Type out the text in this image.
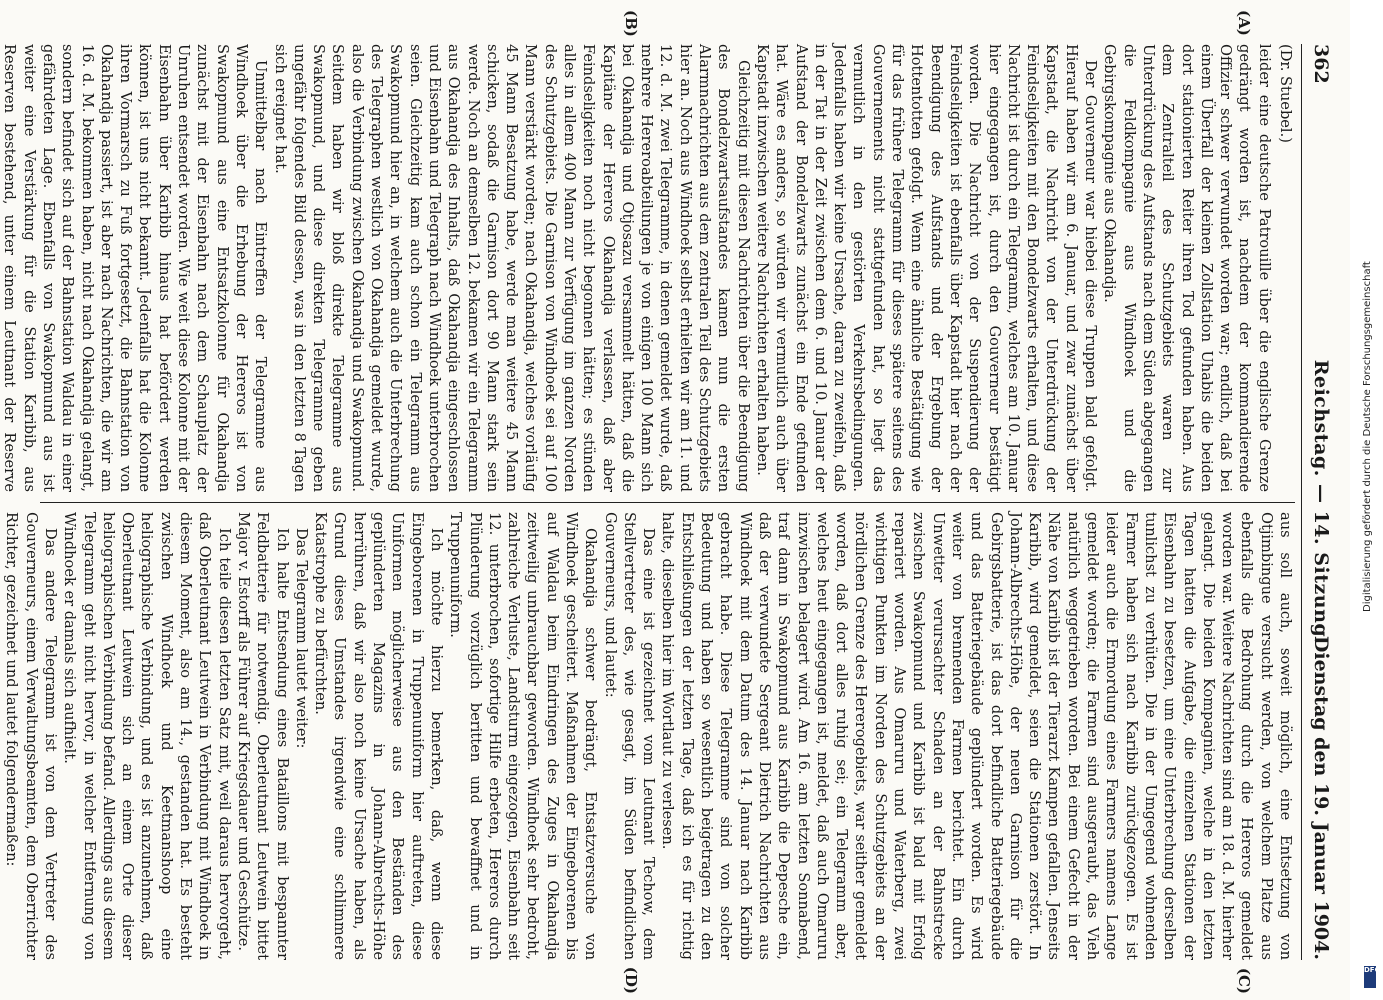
362
Reichstag. — 14. Sitzung.
Dienstag den 19. Januar 1904.
(A)
(B)
(C)
(D)

(Dr. Stuebel.)

leider eine deutsche Patrouille über die englische Grenze gedrängt worden ist, nachdem der kommandierende Offizier schwer verwundet worden war; endlich, daß bei einem Überfall der kleinen Zollstation Uhabis die beiden dort stationierten Reiter ihren Tod gefunden haben. Aus dem Zentralteil des Schutzgebiets waren zur Unterdrückung des Aufstands nach dem Süden abgegangen die Feldkompagnie aus Windhoek und die Gebirgskompagnie aus Okahandja.

Der Gouverneur war hiebei diese Truppen bald gefolgt. Hierauf haben wir am 6. Januar, und zwar zunächst über Kapstadt, die Nachricht von der Unterdrückung der Feindseligkeiten mit den Bondelzwarts erhalten, und diese Nachricht ist durch ein Telegramm, welches am 10. Januar hier eingegangen ist, durch den Gouverneur bestätigt worden. Die Nachricht von der Suspendierung der Feindseligkeiten ist ebenfalls über Kapstadt hier nach der Beendigung des Aufstands und der Ergebung der Hottentotten gefolgt. Wenn eine ähnliche Bestätigung wie für das frühere Telegramm für dieses spätere seitens des Gouvernements nicht stattgefunden hat, so liegt das vermutlich in den gestörten Verkehrsbedingungen. Jedenfalls haben wir keine Ursache, daran zu zweifeln, daß in der Tat in der Zeit zwischen dem 6. und 10. Januar der Aufstand der Bondelzwarts zunächst ein Ende gefunden hat. Wäre es anders, so würden wir vermutlich auch über Kapstadt inzwischen weitere Nachrichten erhalten haben.

Gleichzeitig mit diesen Nachrichten über die Beendigung des Bondelzwartsaufstandes kamen nun die ersten Alarmnachrichten aus dem zentralen Teil des Schutzgebiets hier an. Noch aus Windhoek selbst erhielten wir am 11. und 12. d. M. zwei Telegramme, in denen gemeldet wurde, daß mehrere Hereroabteilungen je von einigen 100 Mann sich bei Okahandja und Otjosazu versammelt hätten, daß die Kapitäne der Hereros Okahandja verlassen, daß aber Feindseligkeiten noch nicht begonnen hätten; es stünden alles in allem 400 Mann zur Verfügung im ganzen Norden des Schutzgebiets. Die Garnison von Windhoek sei auf 100 Mann verstärkt worden; nach Okahandja, welches vorläufig 45 Mann Besatzung habe, werde man weitere 45 Mann schicken, sodaß die Garnison dort 90 Mann stark sein werde. Noch an demselben 12. bekamen wir ein Telegramm aus Okahandja des Inhalts, daß Okahandja eingeschlossen und Eisenbahn und Telegraph nach Windhoek unterbrochen seien. Gleichzeitig kam auch schon ein Telegramm aus Swakopmund hier an, in welchem auch die Unterbrechung des Telegraphen westlich von Okahandja gemeldet wurde, also die Verbindung zwischen Okahandja und Swakopmund. Seitdem haben wir bloß direkte Telegramme aus Swakopmund, und diese direkten Telegramme geben ungefähr folgendes Bild dessen, was in den letzten 8 Tagen sich ereignet hat.

Unmittelbar nach Eintreffen der Telegramme aus Windhoek über die Erhebung der Hereros ist von Swakopmund aus eine Entsatzkolonne für Okahandja zunächst mit der Eisenbahn nach dem Schauplatz der Unruhen entsendet worden. Wie weit diese Kolonne mit der Eisenbahn über Karibib hinaus hat befördert werden können, ist uns nicht bekannt. Jedenfalls hat die Kolonne ihren Vormarsch zu Fuß fortgesetzt, die Bahnstation von Okahandja passiert, ist aber nach Nachrichten, die wir am 16. d. M. bekommen haben, nicht nach Okahandja gelangt, sondern befindet sich auf der Bahnstation Waldau in einer gefährdeten Lage. Ebenfalls von Swakopmund aus ist weiter eine Verstärkung für die Station Karibib, aus Reserven bestehend, unter einem Leutnant der Reserve

aus soll auch, soweit möglich, eine Entsetzung von Otjimbingue versucht werden, von welchem Platze aus ebenfalls die Bedrohung durch die Hereros gemeldet worden war. Weitere Nachrichten sind am 18. d. M. hierher gelangt. Die beiden Kompagnien, welche in den letzten Tagen hatten die Aufgabe, die einzelnen Stationen der Eisenbahn zu besetzen, um eine Unterbrechung derselben tunlichst zu verhüten. Die in der Umgegend wohnenden Farmer haben sich nach Karibib zurückgezogen. Es ist leider auch die Ermordung eines Farmers namens Lange gemeldet worden; die Farmen sind ausgeraubt, das Vieh natürlich weggetrieben worden. Bei einem Gefecht in der Nähe von Karibib ist der Tierarzt Kampen gefallen. Jenseits Karibib, wird gemeldet, seien die Stationen zerstört. In Johann-Albrechts-Höhe, der neuen Garnison für die Gebirgsbatterie, ist das dort befindliche Batteriegebäude und das Batteriegebäude geplündert worden. Es wird weiter von brennenden Farmen berichtet. Ein durch Unwetter verursachter Schaden an der Bahnstrecke zwischen Swakopmund und Karibib ist bald mit Erfolg repariert worden. Aus Omaruru und Waterberg, zwei wichtigen Punkten im Norden des Schutzgebiets an der nördlichen Grenze des Hererogebiets, war seither gemeldet worden, daß dort alles ruhig sei; ein Telegramm aber, welches heut eingegangen ist, meldet, daß auch Omaruru inzwischen belagert wird. Am 16. am letzten Sonnabend, traf dann in Swakopmund aus Karibib die Depesche ein, daß der verwundete Sergeant Dietrich Nachrichten aus Windhoek mit dem Datum des 14. Januar nach Karibib gebracht habe. Diese Telegramme sind von solcher Bedeutung und haben so wesentlich beigetragen zu den Entschließungen der letzten Tage, daß ich es für richtig halte, dieselben hier im Wortlaut zu verlesen.

Das eine ist gezeichnet vom Leutnant Techow, dem Stellvertreter des, wie gesagt, im Süden befindlichen Gouverneurs, und lautet:

Okahandja schwer bedrängt, Entsatzversuche von Windhoek gescheitert. Maßnahmen der Eingeborenen bis auf Waldau beim Eindringen des Zuges in Okahandja zeitweilig unbrauchbar geworden. Windhoek sehr bedroht, zahlreiche Verluste, Landsturm eingezogen, Eisenbahn seit 12. unterbrochen, sofortige Hilfe erbeten, Hereros durch Plünderung vorzüglich beritten und bewaffnet und in Truppenuniform.

Ich möchte hierzu bemerken, daß, wenn diese Eingeborenen in Truppenuniform hier auftreten, diese Uniformen möglicherweise aus den Beständen des geplünderten Magazins in Johann-Albrechts-Höhe herrühren, daß wir also noch keine Ursache haben, als Grund dieses Umstandes irgendwie eine schlimmere Katastrophe zu befürchten.

Das Telegramm lautet weiter:

Ich halte Entsendung eines Bataillons mit bespannter Feldbatterie für notwendig. Oberleutnant Leutwein bittet Major v. Estorff als Führer auf Kriegsdauer und Geschütze.

Ich teile diesen letzten Satz mit, weil daraus hervorgeht, daß Oberleutnant Leutwein in Verbindung mit Windhoek in diesem Moment, also am 14., gestanden hat. Es besteht zwischen Windhoek und Keetmanshoop eine heliographische Verbindung, und es ist anzunehmen, daß Oberleutnant Leutwein sich an einem Orte dieser heliographischen Verbindung befand. Allerdings aus diesem Telegramm geht nicht hervor, in welcher Entfernung von Windhoek er damals sich aufhielt.

Das andere Telegramm ist von dem Vertreter des Gouverneurs, einem Verwaltungsbeamten, dem Oberrichter Richter, gezeichnet und lautet folgendermaßen:

Digitalisierung gefördert durch die Deutsche Forschungsgemeinschaft
DFG
